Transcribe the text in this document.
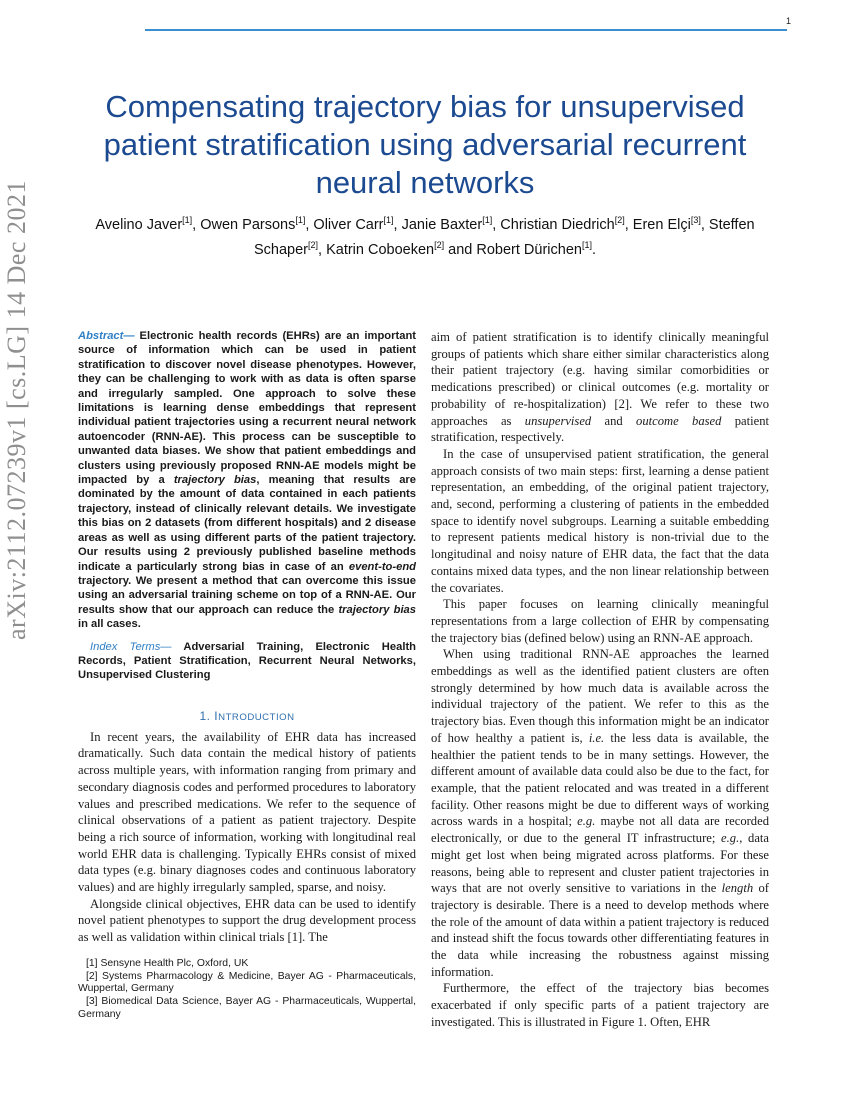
1
arXiv:2112.07239v1 [cs.LG] 14 Dec 2021
Compensating trajectory bias for unsupervised patient stratification using adversarial recurrent neural networks
Avelino Javer[1], Owen Parsons[1], Oliver Carr[1], Janie Baxter[1], Christian Diedrich[2], Eren Elçi[3], Steffen Schaper[2], Katrin Coboeken[2] and Robert Dürichen[1].
Abstract— Electronic health records (EHRs) are an important source of information which can be used in patient stratification to discover novel disease phenotypes. However, they can be challenging to work with as data is often sparse and irregularly sampled. One approach to solve these limitations is learning dense embeddings that represent individual patient trajectories using a recurrent neural network autoencoder (RNN-AE). This process can be susceptible to unwanted data biases. We show that patient embeddings and clusters using previously proposed RNN-AE models might be impacted by a trajectory bias, meaning that results are dominated by the amount of data contained in each patients trajectory, instead of clinically relevant details. We investigate this bias on 2 datasets (from different hospitals) and 2 disease areas as well as using different parts of the patient trajectory. Our results using 2 previously published baseline methods indicate a particularly strong bias in case of an event-to-end trajectory. We present a method that can overcome this issue using an adversarial training scheme on top of a RNN-AE. Our results show that our approach can reduce the trajectory bias in all cases.
Index Terms— Adversarial Training, Electronic Health Records, Patient Stratification, Recurrent Neural Networks, Unsupervised Clustering
1. INTRODUCTION

In recent years, the availability of EHR data has increased dramatically. Such data contain the medical history of patients across multiple years, with information ranging from primary and secondary diagnosis codes and performed procedures to laboratory values and prescribed medications. We refer to the sequence of clinical observations of a patient as patient trajectory. Despite being a rich source of information, working with longitudinal real world EHR data is challenging. Typically EHRs consist of mixed data types (e.g. binary diagnoses codes and continuous laboratory values) and are highly irregularly sampled, sparse, and noisy.

Alongside clinical objectives, EHR data can be used to identify novel patient phenotypes to support the drug development process as well as validation within clinical trials [1]. The

[1] Sensyne Health Plc, Oxford, UK
[2] Systems Pharmacology & Medicine, Bayer AG - Pharmaceuticals, Wuppertal, Germany
[3] Biomedical Data Science, Bayer AG - Pharmaceuticals, Wuppertal, Germany

aim of patient stratification is to identify clinically meaningful groups of patients which share either similar characteristics along their patient trajectory (e.g. having similar comorbidities or medications prescribed) or clinical outcomes (e.g. mortality or probability of re-hospitalization) [2]. We refer to these two approaches as unsupervised and outcome based patient stratification, respectively.

In the case of unsupervised patient stratification, the general approach consists of two main steps: first, learning a dense patient representation, an embedding, of the original patient trajectory, and, second, performing a clustering of patients in the embedded space to identify novel subgroups. Learning a suitable embedding to represent patients medical history is non-trivial due to the longitudinal and noisy nature of EHR data, the fact that the data contains mixed data types, and the non linear relationship between the covariates.

This paper focuses on learning clinically meaningful representations from a large collection of EHR by compensating the trajectory bias (defined below) using an RNN-AE approach.

When using traditional RNN-AE approaches the learned embeddings as well as the identified patient clusters are often strongly determined by how much data is available across the individual trajectory of the patient. We refer to this as the trajectory bias. Even though this information might be an indicator of how healthy a patient is, i.e. the less data is available, the healthier the patient tends to be in many settings. However, the different amount of available data could also be due to the fact, for example, that the patient relocated and was treated in a different facility. Other reasons might be due to different ways of working across wards in a hospital; e.g. maybe not all data are recorded electronically, or due to the general IT infrastructure; e.g., data might get lost when being migrated across platforms. For these reasons, being able to represent and cluster patient trajectories in ways that are not overly sensitive to variations in the length of trajectory is desirable. There is a need to develop methods where the role of the amount of data within a patient trajectory is reduced and instead shift the focus towards other differentiating features in the data while increasing the robustness against missing information.

Furthermore, the effect of the trajectory bias becomes exacerbated if only specific parts of a patient trajectory are investigated. This is illustrated in Figure 1. Often, EHR
